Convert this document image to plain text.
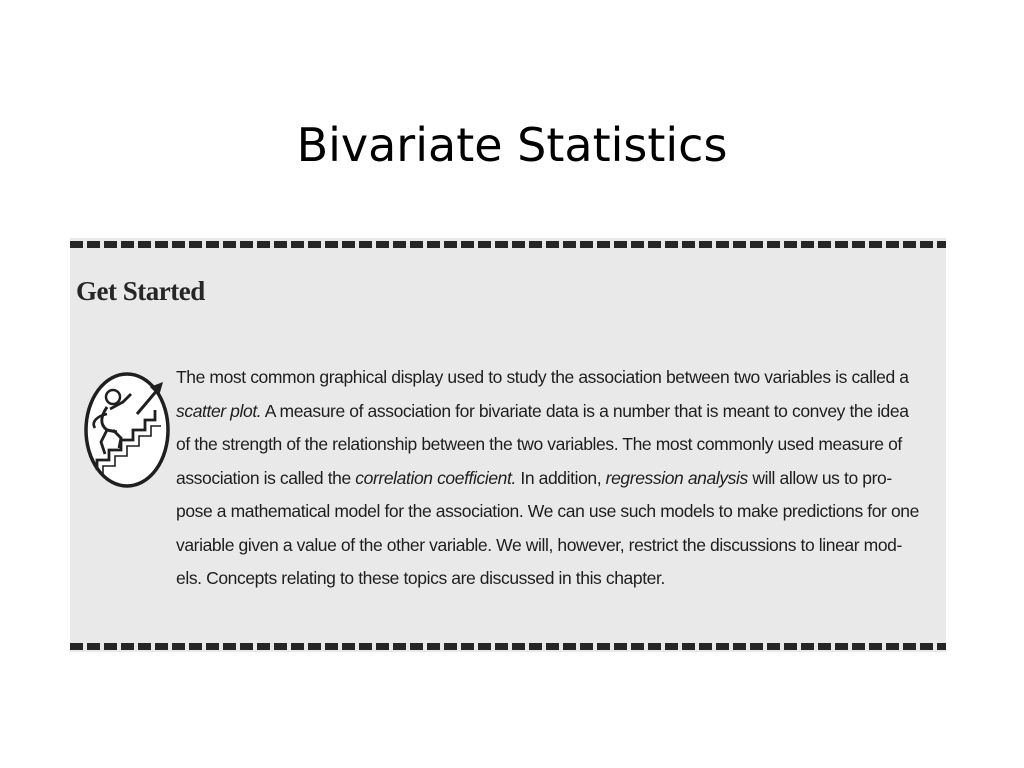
Bivariate Statistics
Get Started
The most common graphical display used to study the association between two variables is called a
scatter plot. A measure of association for bivariate data is a number that is meant to convey the idea
of the strength of the relationship between the two variables. The most commonly used measure of
association is called the correlation coefficient. In addition, regression analysis will allow us to pro-
pose a mathematical model for the association. We can use such models to make predictions for one
variable given a value of the other variable. We will, however, restrict the discussions to linear mod-
els. Concepts relating to these topics are discussed in this chapter.
